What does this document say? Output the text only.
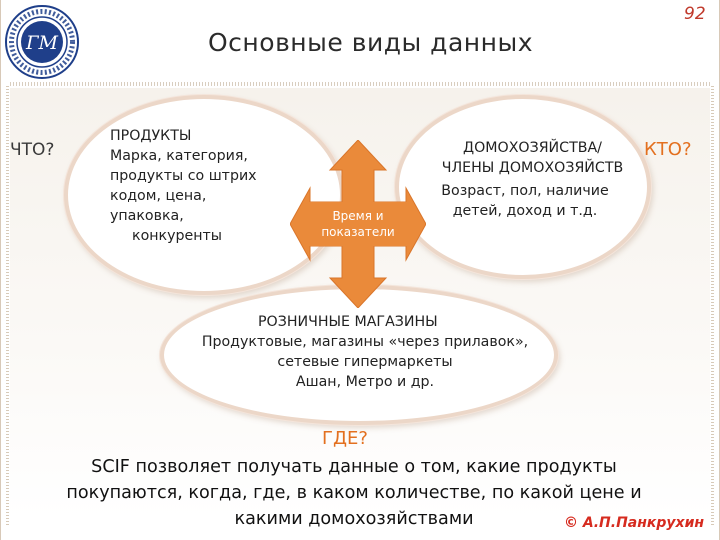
ГМ	Основные виды данных
92
ПРОДУКТЫ
Марка, категория,
продукты со штрих
кодом, цена,
упаковка,
конкуренты
ДОМОХОЗЯЙСТВА/
ЧЛЕНЫ ДОМОХОЗЯЙСТВ
Возраст, пол, наличие
детей, доход и т.д.
РОЗНИЧНЫЕ МАГАЗИНЫ
Продуктовые, магазины «через прилавок»,
сетевые гипермаркеты
Ашан, Метро и др.
Время и
показатели
ЧТО?	КТО?
ГДЕ?
SCIF позволяет получать данные о том, какие продукты
покупаются, когда, где, в каком количестве, по какой цене и
какими домохозяйствами	© А.П.Панкрухин
